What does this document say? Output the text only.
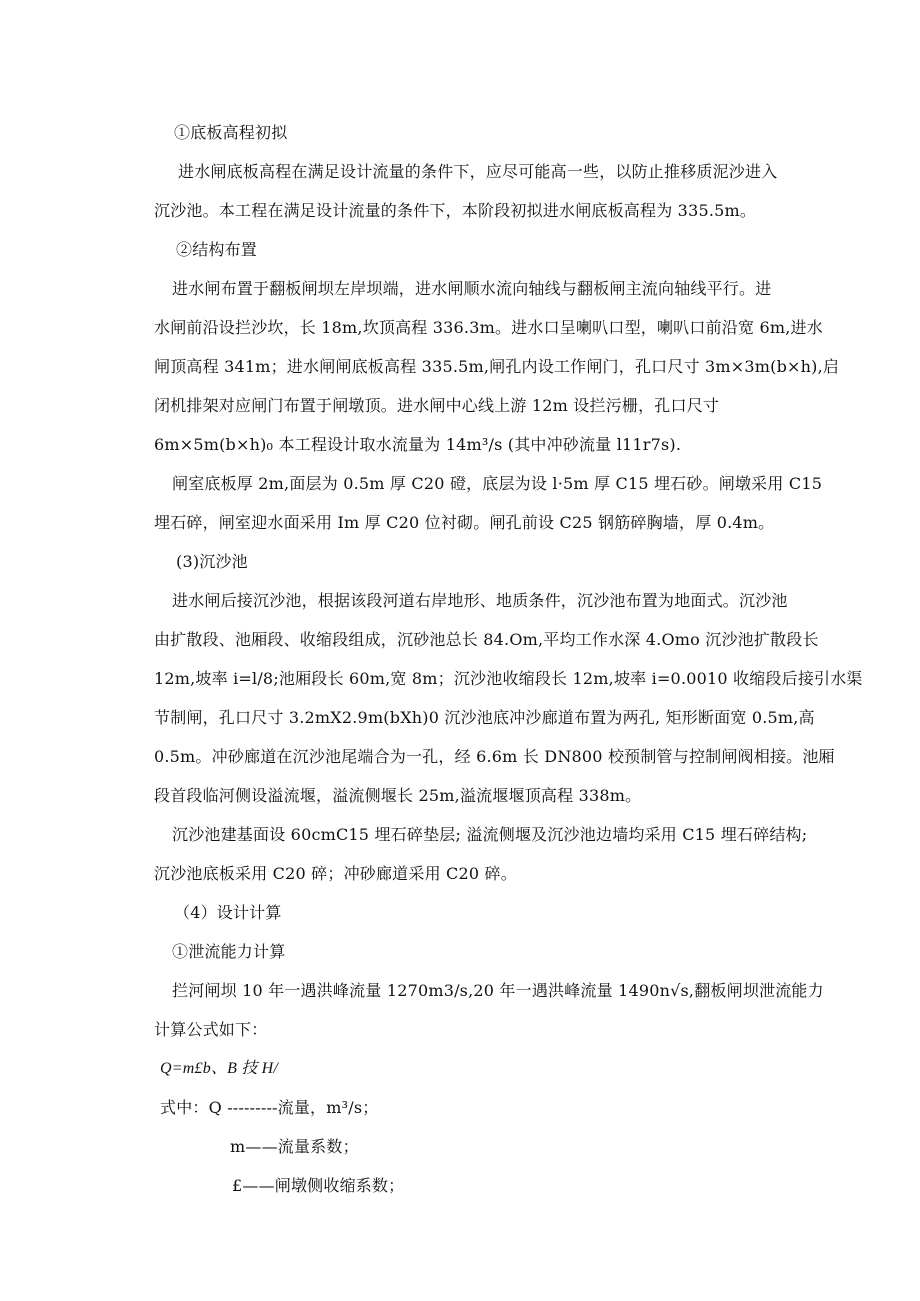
①底板高程初拟
进水闸底板高程在满足设计流量的条件下，应尽可能高一些，以防止推移质泥沙进入
沉沙池。本工程在满足设计流量的条件下，本阶段初拟进水闸底板高程为 335.5m。
②结构布置
进水闸布置于翻板闸坝左岸坝端，进水闸顺水流向轴线与翻板闸主流向轴线平行。进
水闸前沿设拦沙坎，长 18m,坎顶高程 336.3m。进水口呈喇叭口型，喇叭口前沿宽 6m,进水
闸顶高程 341m；进水闸闸底板高程 335.5m,闸孔内设工作闸门，孔口尺寸 3m×3m(b×h),启
闭机排架对应闸门布置于闸墩顶。进水闸中心线上游 12m 设拦污栅，孔口尺寸
6m×5m(b×h)₀ 本工程设计取水流量为 14m³∕s (其中冲砂流量 l11r7s).
闸室底板厚 2m,面层为 0.5m 厚 C20 磴，底层为设 l·5m 厚 C15 埋石砂。闸墩采用 C15
埋石碎，闸室迎水面采用 Im 厚 C20 位衬砌。闸孔前设 C25 钢筋碎胸墙，厚 0.4m。
(3)沉沙池
进水闸后接沉沙池，根据该段河道右岸地形、地质条件，沉沙池布置为地面式。沉沙池
由扩散段、池厢段、收缩段组成，沉砂池总长 84.Om,平均工作水深 4.Omo 沉沙池扩散段长
12m,坡率 i=l∕8;池厢段长 60m,宽 8m；沉沙池收缩段长 12m,坡率 i=0.0010 收缩段后接引水渠
节制闸，孔口尺寸 3.2mX2.9m(bXh)0 沉沙池底冲沙廊道布置为两孔, 矩形断面宽 0.5m,高
0.5m。冲砂廊道在沉沙池尾端合为一孔，经 6.6m 长 DN800 校预制管与控制闸阀相接。池厢
段首段临河侧设溢流堰，溢流侧堰长 25m,溢流堰堰顶高程 338m。
沉沙池建基面设 60cmC15 埋石碎垫层; 溢流侧堰及沉沙池边墙均采用 C15 埋石碎结构;
沉沙池底板采用 C20 碎；冲砂廊道采用 C20 碎。
（4）设计计算
①泄流能力计算
拦河闸坝 10 年一遇洪峰流量 1270m3∕s,20 年一遇洪峰流量 1490n√s,翻板闸坝泄流能力
计算公式如下：
Q=m£b、B 技 H/
式中：Q ---------流量，m³/s；
m——流量系数；
£——闸墩侧收缩系数；
